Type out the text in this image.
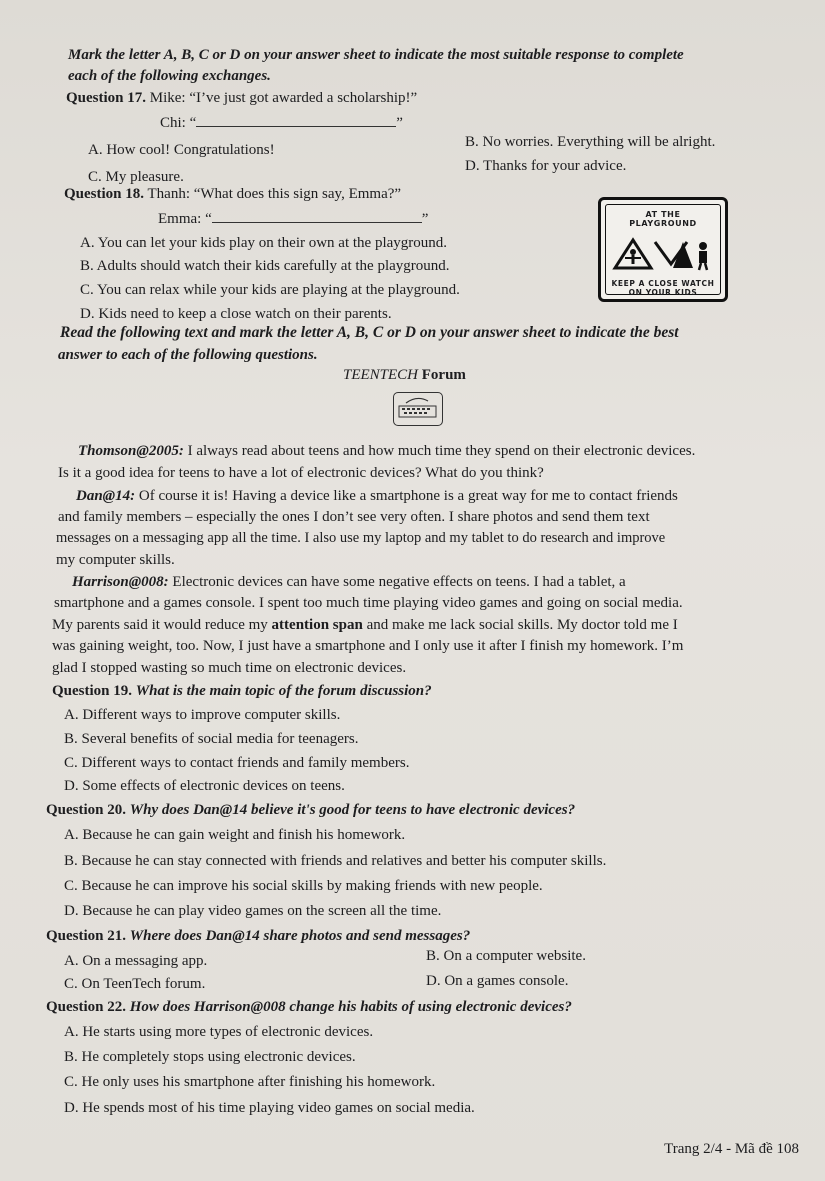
Mark the letter A, B, C or D on your answer sheet to indicate the most suitable response to complete
each of the following exchanges.
Question 17. Mike: “I’ve just got awarded a scholarship!”
Chi: “	”
A. How cool! Congratulations!	B. No worries. Everything will be alright.
C. My pleasure.
D. Thanks for your advice.
Question 18. Thanh: “What does this sign say, Emma?”
Emma: “	”
A. You can let your kids play on their own at the playground.
B. Adults should watch their kids carefully at the playground.
C. You can relax while your kids are playing at the playground.
D. Kids need to keep a close watch on their parents.
AT THE
PLAYGROUND
KEEP A CLOSE WATCH
ON YOUR KIDS
Read the following text and mark the letter A, B, C or D on your answer sheet to indicate the best
answer to each of the following questions.
TEENTECH Forum
Thomson@2005: I always read about teens and how much time they spend on their electronic devices.
Is it a good idea for teens to have a lot of electronic devices? What do you think?
Dan@14: Of course it is! Having a device like a smartphone is a great way for me to contact friends
and family members – especially the ones I don’t see very often. I share photos and send them text
messages on a messaging app all the time. I also use my laptop and my tablet to do research and improve
my computer skills.
Harrison@008: Electronic devices can have some negative effects on teens. I had a tablet, a
smartphone and a games console. I spent too much time playing video games and going on social media.
My parents said it would reduce my attention span and make me lack social skills. My doctor told me I
was gaining weight, too. Now, I just have a smartphone and I only use it after I finish my homework. I’m
glad I stopped wasting so much time on electronic devices.
Question 19. What is the main topic of the forum discussion?
A. Different ways to improve computer skills.
B. Several benefits of social media for teenagers.
C. Different ways to contact friends and family members.
D. Some effects of electronic devices on teens.
Question 20. Why does Dan@14 believe it's good for teens to have electronic devices?
A. Because he can gain weight and finish his homework.
B. Because he can stay connected with friends and relatives and better his computer skills.
C. Because he can improve his social skills by making friends with new people.
D. Because he can play video games on the screen all the time.
Question 21. Where does Dan@14 share photos and send messages?
A. On a messaging app.	B. On a computer website.
C. On TeenTech forum.	D. On a games console.
Question 22. How does Harrison@008 change his habits of using electronic devices?
A. He starts using more types of electronic devices.
B. He completely stops using electronic devices.
C. He only uses his smartphone after finishing his homework.
D. He spends most of his time playing video games on social media.
Trang 2/4 - Mã đề 108
